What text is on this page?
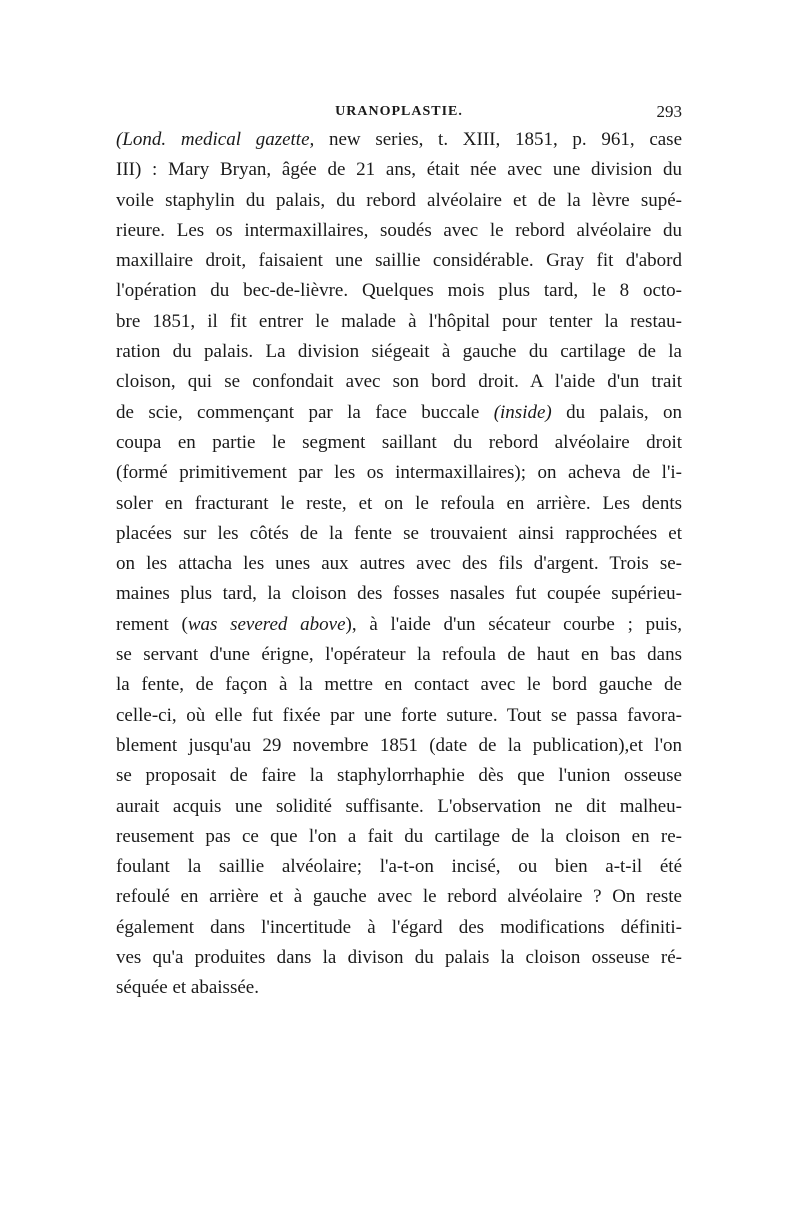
URANOPLASTIE.	293
(Lond. medical gazette, new series, t. XIII, 1851, p. 961, case
III) : Mary Bryan, âgée de 21 ans, était née avec une division du
voile staphylin du palais, du rebord alvéolaire et de la lèvre supé-
rieure. Les os intermaxillaires, soudés avec le rebord alvéolaire du
maxillaire droit, faisaient une saillie considérable. Gray fit d'abord
l'opération du bec-de-lièvre. Quelques mois plus tard, le 8 octo-
bre 1851, il fit entrer le malade à l'hôpital pour tenter la restau-
ration du palais. La division siégeait à gauche du cartilage de la
cloison, qui se confondait avec son bord droit. A l'aide d'un trait
de scie, commençant par la face buccale (inside) du palais, on
coupa en partie le segment saillant du rebord alvéolaire droit
(formé primitivement par les os intermaxillaires); on acheva de l'i-
soler en fracturant le reste, et on le refoula en arrière. Les dents
placées sur les côtés de la fente se trouvaient ainsi rapprochées et
on les attacha les unes aux autres avec des fils d'argent. Trois se-
maines plus tard, la cloison des fosses nasales fut coupée supérieu-
rement (was severed above), à l'aide d'un sécateur courbe ; puis,
se servant d'une érigne, l'opérateur la refoula de haut en bas dans
la fente, de façon à la mettre en contact avec le bord gauche de
celle-ci, où elle fut fixée par une forte suture. Tout se passa favora-
blement jusqu'au 29 novembre 1851 (date de la publication),et l'on
se proposait de faire la staphylorrhaphie dès que l'union osseuse
aurait acquis une solidité suffisante. L'observation ne dit malheu-
reusement pas ce que l'on a fait du cartilage de la cloison en re-
foulant la saillie alvéolaire; l'a-t-on incisé, ou bien a-t-il été
refoulé en arrière et à gauche avec le rebord alvéolaire ? On reste
également dans l'incertitude à l'égard des modifications définiti-
ves qu'a produites dans la divison du palais la cloison osseuse ré-
séquée et abaissée.
